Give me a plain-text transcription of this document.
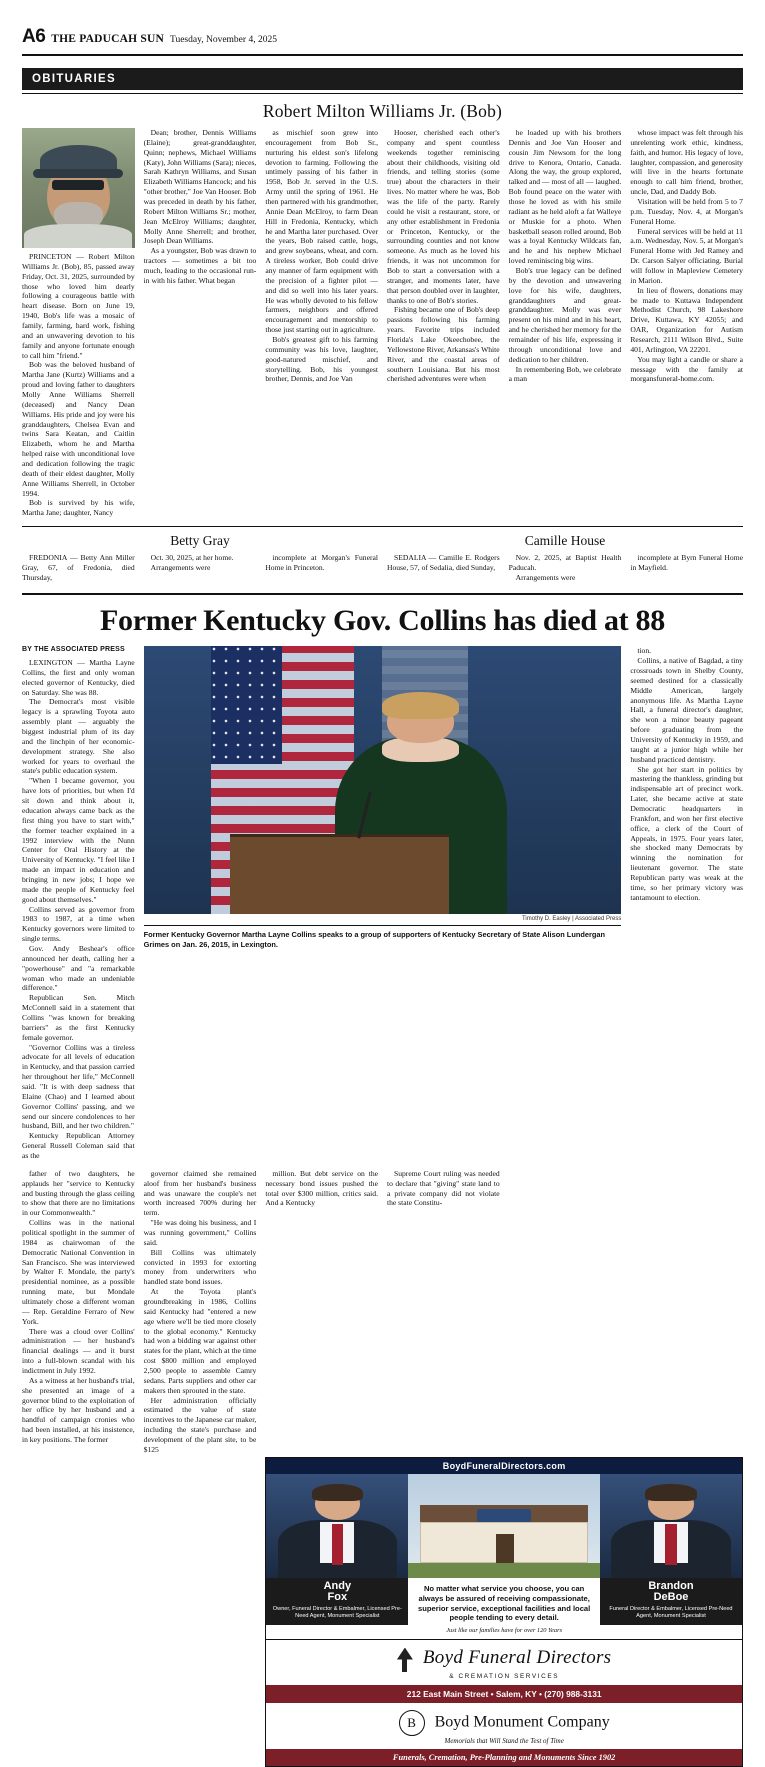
A6 THE PADUCAH SUN Tuesday, November 4, 2025
OBITUARIES
Robert Milton Williams Jr. (Bob)

PRINCETON — Robert Milton Williams Jr. (Bob), 85, passed away Friday, Oct. 31, 2025, surrounded by those who loved him dearly following a courageous battle with heart disease. Born on June 19, 1940, Bob's life was a mosaic of family, farming, hard work, fishing and an unwavering devotion to his family and anyone fortunate enough to call him "friend."

Bob was the beloved husband of Martha Jane (Kurtz) Williams and a proud and loving father to daughters Molly Anne Williams Sherrell (deceased) and Nancy Dean Williams. His pride and joy were his granddaughters, Chelsea Evan and twins Sara Keatan, and Caitlin Elizabeth, whom he and Martha helped raise with unconditional love and dedication following the tragic death of their eldest daughter, Molly Anne Williams Sherrell, in October 1994.

Bob is survived by his wife, Martha Jane; daughter, Nancy

Dean; brother, Dennis Williams (Elaine); great-granddaughter, Quinn; nephews, Michael Williams (Katy), John Williams (Sara); nieces, Sarah Kathryn Williams, and Susan Elizabeth Williams Hancock; and his "other brother," Joe Van Hooser. Bob was preceded in death by his father, Robert Milton Williams Sr.; mother, Jean McElroy Williams; daughter, Molly Anne Sherrell; and brother, Joseph Dean Williams.

As a youngster, Bob was drawn to tractors — sometimes a bit too much, leading to the occasional run-in with his father. What began

as mischief soon grew into encouragement from Bob Sr., nurturing his eldest son's lifelong devotion to farming. Following the untimely passing of his father in 1958, Bob Jr. served in the U.S. Army until the spring of 1961. He then partnered with his grandmother, Annie Dean McElroy, to farm Dean Hill in Fredonia, Kentucky, which he and Martha later purchased. Over the years, Bob raised cattle, hogs, and grew soybeans, wheat, and corn. A tireless worker, Bob could drive any manner of farm equipment with the precision of a fighter pilot — and did so well into his later years. He was wholly devoted to his fellow farmers, neighbors and offered encouragement and mentorship to those just starting out in agriculture.

Bob's greatest gift to his farming community was his love, laughter, good-natured mischief, and storytelling. Bob, his youngest brother, Dennis, and Joe Van

Hooser, cherished each other's company and spent countless weekends together reminiscing about their childhoods, visiting old friends, and telling stories (some true) about the characters in their lives. No matter where he was, Bob was the life of the party. Rarely could he visit a restaurant, store, or any other establishment in Fredonia or Princeton, Kentucky, or the surrounding counties and not know someone. As much as he loved his friends, it was not uncommon for Bob to start a conversation with a stranger, and moments later, have that person doubled over in laughter, thanks to one of Bob's stories.

Fishing became one of Bob's deep passions following his farming years. Favorite trips included Florida's Lake Okeechobee, the Yellowstone River, Arkansas's White River, and the coastal areas of southern Louisiana. But his most cherished adventures were when

he loaded up with his brothers Dennis and Joe Van Hooser and cousin Jim Newsom for the long drive to Kenora, Ontario, Canada. Along the way, the group explored, talked and — most of all — laughed. Bob found peace on the water with those he loved as with his smile radiant as he held aloft a fat Walleye or Muskie for a photo. When basketball season rolled around, Bob was a loyal Kentucky Wildcats fan, and he and his nephew Michael loved reminiscing big wins.

Bob's true legacy can be defined by the devotion and unwavering love for his wife, daughters, granddaughters and great-granddaughter. Molly was ever present on his mind and in his heart, and he cherished her memory for the remainder of his life, expressing it through unconditional love and dedication to her children.

In remembering Bob, we celebrate a man

whose impact was felt through his unrelenting work ethic, kindness, faith, and humor. His legacy of love, laughter, compassion, and generosity will live in the hearts fortunate enough to call him friend, brother, uncle, Dad, and Daddy Bob.

Visitation will be held from 5 to 7 p.m. Tuesday, Nov. 4, at Morgan's Funeral Home.

Funeral services will be held at 11 a.m. Wednesday, Nov. 5, at Morgan's Funeral Home with Jed Ramey and Dr. Carson Salyer officiating. Burial will follow in Mapleview Cemetery in Marion.

In lieu of flowers, donations may be made to Kuttawa Independent Methodist Church, 98 Lakeshore Drive, Kuttawa, KY 42055; and OAR, Organization for Autism Research, 2111 Wilson Blvd., Suite 401, Arlington, VA 22201.

You may light a candle or share a message with the family at morgansfuneral-home.com.

Betty Gray	Camille House

FREDONIA — Betty Ann Miller Gray, 67, of Fredonia, died Thursday,

Oct. 30, 2025, at her home.

Arrangements were

incomplete at Morgan's Funeral Home in Princeton.

SEDALIA — Camille E. Rodgers House, 57, of Sedalia, died Sunday,

Nov. 2, 2025, at Baptist Health Paducah.

Arrangements were

incomplete at Byrn Funeral Home in Mayfield.

Former Kentucky Gov. Collins has died at 88
BY THE ASSOCIATED PRESS

LEXINGTON — Martha Layne Collins, the first and only woman elected governor of Kentucky, died on Saturday. She was 88.

The Democrat's most visible legacy is a sprawling Toyota auto assembly plant — arguably the biggest industrial plum of its day and the linchpin of her economic-development strategy. She also worked for years to overhaul the state's public education system.

"When I became governor, you have lots of priorities, but when I'd sit down and think about it, education always came back as the first thing you have to start with," the former teacher explained in a 1992 interview with the Nunn Center for Oral History at the University of Kentucky. "I feel like I made an impact in education and bringing in new jobs; I hope we made the people of Kentucky feel good about themselves."

Collins served as governor from 1983 to 1987, at a time when Kentucky governors were limited to single terms.

Gov. Andy Beshear's office announced her death, calling her a "powerhouse" and "a remarkable woman who made an undeniable difference."

Republican Sen. Mitch McConnell said in a statement that Collins "was known for breaking barriers" as the first Kentucky female governor.

"Governor Collins was a tireless advocate for all levels of education in Kentucky, and that passion carried her throughout her life," McConnell said. "It is with deep sadness that Elaine (Chao) and I learned about Governor Collins' passing, and we send our sincere condolences to her husband, Bill, and her two children."

Kentucky Republican Attorney General Russell Coleman said that as the

Timothy D. Easley | Associated Press
Former Kentucky Governor Martha Layne Collins speaks to a group of supporters of Kentucky Secretary of State Alison Lundergan Grimes on Jan. 26, 2015, in Lexington.

tion.

Collins, a native of Bagdad, a tiny crossroads town in Shelby County, seemed destined for a classically Middle American, largely anonymous life. As Martha Layne Hall, a funeral director's daughter, she won a minor beauty pageant before graduating from the University of Kentucky in 1959, and taught at a junior high while her husband practiced dentistry.

She got her start in politics by mastering the thankless, grinding but indispensable art of precinct work. Later, she became active at state Democratic headquarters in Frankfort, and won her first elective office, a clerk of the Court of Appeals, in 1975. Four years later, she shocked many Democrats by winning the nomination for lieutenant governor. The state Republican party was weak at the time, so her primary victory was tantamount to election.

father of two daughters, he applauds her "service to Kentucky and busting through the glass ceiling to show that there are no limitations in our Commonwealth."

Collins was in the national political spotlight in the summer of 1984 as chairwoman of the Democratic National Convention in San Francisco. She was interviewed by Walter F. Mondale, the party's presidential nominee, as a possible running mate, but Mondale ultimately chose a different woman — Rep. Geraldine Ferraro of New York.

There was a cloud over Collins' administration — her husband's financial dealings — and it burst into a full-blown scandal with his indictment in July 1992.

As a witness at her husband's trial, she presented an image of a governor blind to the exploitation of her office by her husband and a handful of campaign cronies who had been installed, at his insistence, in key positions. The former

governor claimed she remained aloof from her husband's business and was unaware the couple's net worth increased 700% during her term.

"He was doing his business, and I was running government," Collins said.

Bill Collins was ultimately convicted in 1993 for extorting money from underwriters who handled state bond issues.

At the Toyota plant's groundbreaking in 1986, Collins said Kentucky had "entered a new age where we'll be tied more closely to the global economy." Kentucky had won a bidding war against other states for the plant, which at the time cost $800 million and employed 2,500 people to assemble Camry sedans. Parts suppliers and other car makers then sprouted in the state.

Her administration officially estimated the value of state incentives to the Japanese car maker, including the state's purchase and development of the plant site, to be $125

million. But debt service on the necessary bond issues pushed the total over $300 million, critics said. And a Kentucky

Supreme Court ruling was needed to declare that "giving" state land to a private company did not violate the state Constitu-

BoydFuneralDirectors.com
Andy
Fox
Owner, Funeral Director & Embalmer, Licensed Pre-Need Agent, Monument Specialist
No matter what service you choose, you can always be assured of receiving compassionate, superior service, exceptional facilities and local people tending to every detail.
Just like our families have for over 120 Years
Brandon
DeBoe
Funeral Director & Embalmer, Licensed Pre-Need Agent, Monument Specialist
Boyd Funeral Directors
& CREMATION SERVICES
212 East Main Street • Salem, KY • (270) 988-3131
B Boyd Monument Company
Memorials that Will Stand the Test of Time
Funerals, Cremation, Pre-Planning and Monuments Since 1902
